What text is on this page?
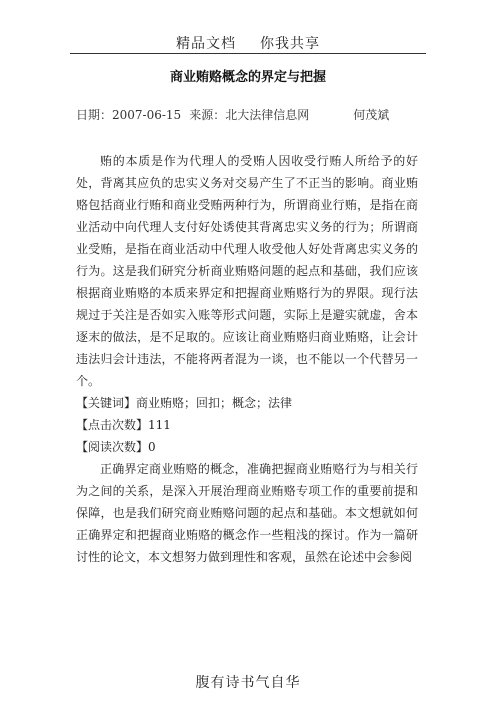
精品文档 你我共享
商业贿赂概念的界定与把握
日期：2007-06-15 来源：北大法律信息网	何茂斌

贿的本质是作为代理人的受贿人因收受行贿人所给予的好处，背离其应负的忠实义务对交易产生了不正当的影响。商业贿赂包括商业行贿和商业受贿两种行为，所谓商业行贿，是指在商业活动中向代理人支付好处诱使其背离忠实义务的行为；所谓商业受贿，是指在商业活动中代理人收受他人好处背离忠实义务的行为。这是我们研究分析商业贿赂问题的起点和基础，我们应该根据商业贿赂的本质来界定和把握商业贿赂行为的界限。现行法规过于关注是否如实入账等形式问题，实际上是避实就虚，舍本逐末的做法，是不足取的。应该让商业贿赂归商业贿赂，让会计违法归会计违法，不能将两者混为一谈，也不能以一个代替另一个。

【关键词】商业贿赂；回扣；概念；法律

【点击次数】111

【阅读次数】0

正确界定商业贿赂的概念，准确把握商业贿赂行为与相关行为之间的关系，是深入开展治理商业贿赂专项工作的重要前提和保障，也是我们研究商业贿赂问题的起点和基础。本文想就如何正确界定和把握商业贿赂的概念作一些粗浅的探讨。作为一篇研讨性的论文，本文想努力做到理性和客观，虽然在论述中会参阅

腹有诗书气自华
